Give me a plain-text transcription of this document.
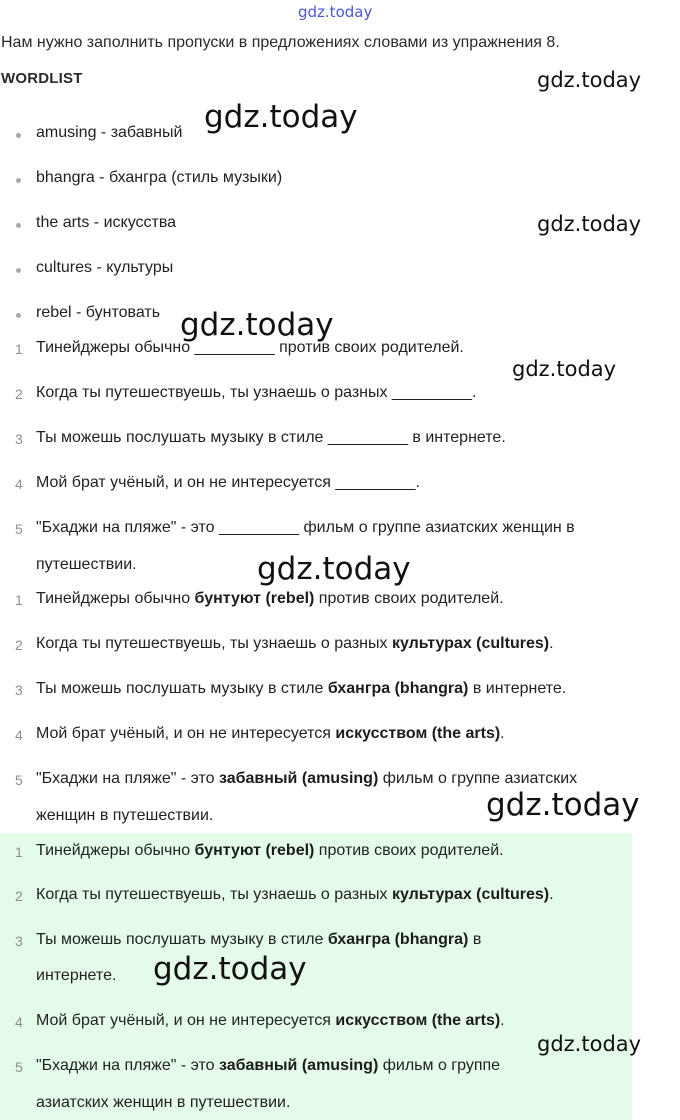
gdz.today
Нам нужно заполнить пропуски в предложениях словами из упражнения 8.
WORDLIST
amusing - забавный
bhangra - бхангра (стиль музыки)
the arts - искусства
cultures - культуры
rebel - бунтовать
1 Тинейджеры обычно _________ против своих родителей.
2 Когда ты путешествуешь, ты узнаешь о разных _________.
3 Ты можешь послушать музыку в стиле _________ в интернете.
4 Мой брат учёный, и он не интересуется _________.
5 "Бхаджи на пляже" - это _________ фильм о группе азиатских женщин в
путешествии.
1 Тинейджеры обычно бунтуют (rebel) против своих родителей.
2 Когда ты путешествуешь, ты узнаешь о разных культурах (cultures).
3 Ты можешь послушать музыку в стиле бхангра (bhangra) в интернете.
4 Мой брат учёный, и он не интересуется искусством (the arts).
5 "Бхаджи на пляже" - это забавный (amusing) фильм о группе азиатских
женщин в путешествии.
1 Тинейджеры обычно бунтуют (rebel) против своих родителей.
2 Когда ты путешествуешь, ты узнаешь о разных культурах (cultures).
3 Ты можешь послушать музыку в стиле бхангра (bhangra) в
интернете.
4 Мой брат учёный, и он не интересуется искусством (the arts).
5 "Бхаджи на пляже" - это забавный (amusing) фильм о группе
азиатских женщин в путешествии.
gdz.today
gdz.today
gdz.today
gdz.today
gdz.today
gdz.today
gdz.today
gdz.today
gdz.today
